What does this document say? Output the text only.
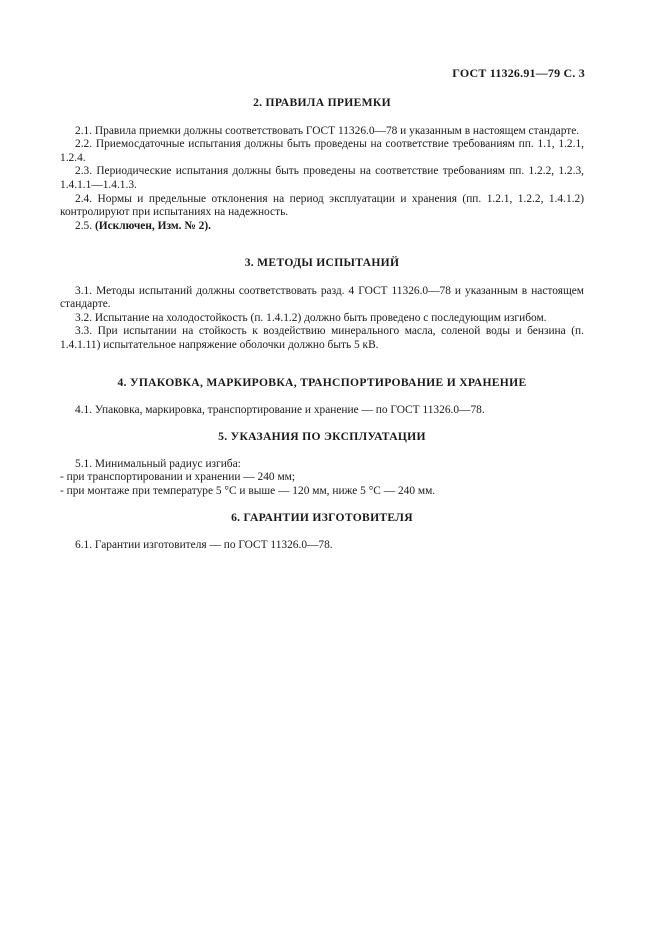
ГОСТ 11326.91—79 С. 3
2. ПРАВИЛА ПРИЕМКИ

2.1. Правила приемки должны соответствовать ГОСТ 11326.0—78 и указанным в настоящем стандарте.

2.2. Приемосдаточные испытания должны быть проведены на соответствие требованиям пп. 1.1, 1.2.1, 1.2.4.

2.3. Периодические испытания должны быть проведены на соответствие требованиям пп. 1.2.2, 1.2.3, 1.4.1.1—1.4.1.3.

2.4. Нормы и предельные отклонения на период эксплуатации и хранения (пп. 1.2.1, 1.2.2, 1.4.1.2) контролируют при испытаниях на надежность.

2.5. (Исключен, Изм. № 2).

3. МЕТОДЫ ИСПЫТАНИЙ

3.1. Методы испытаний должны соответствовать разд. 4 ГОСТ 11326.0—78 и указанным в настоящем стандарте.

3.2. Испытание на холодостойкость (п. 1.4.1.2) должно быть проведено с последующим изгибом.

3.3. При испытании на стойкость к воздействию минерального масла, соленой воды и бензина (п. 1.4.1.11) испытательное напряжение оболочки должно быть 5 кВ.

4. УПАКОВКА, МАРКИРОВКА, ТРАНСПОРТИРОВАНИЕ И ХРАНЕНИЕ

4.1. Упаковка, маркировка, транспортирование и хранение — по ГОСТ 11326.0—78.

5. УКАЗАНИЯ ПО ЭКСПЛУАТАЦИИ

5.1. Минимальный радиус изгиба:

- при транспортировании и хранении — 240 мм;

- при монтаже при температуре 5 °С и выше — 120 мм, ниже 5 °С — 240 мм.

6. ГАРАНТИИ ИЗГОТОВИТЕЛЯ

6.1. Гарантии изготовителя — по ГОСТ 11326.0—78.
